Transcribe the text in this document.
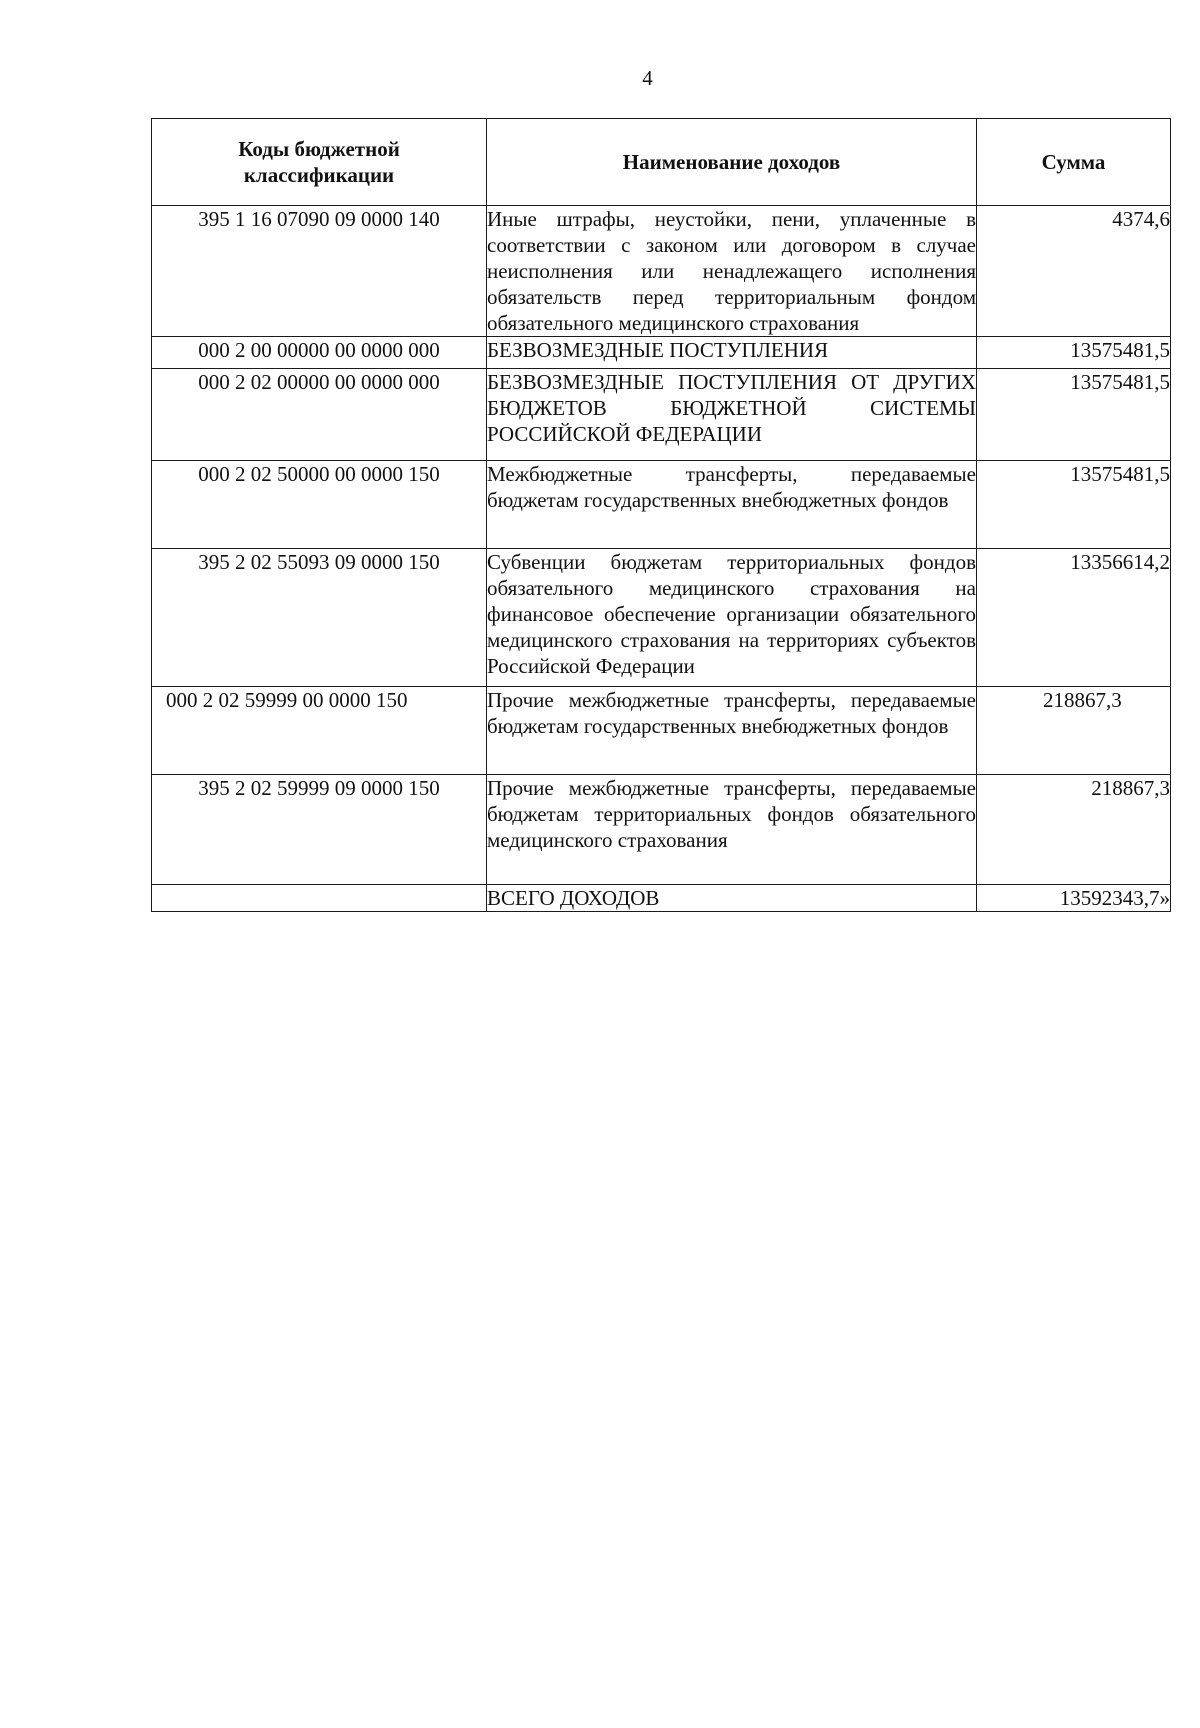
4
Коды бюджетной
классификации	Наименование доходов	Сумма
395 1 16 07090 09 0000 140	Иные штрафы, неустойки, пени, уплаченные в соответствии с законом или договором в случае неисполнения или ненадлежащего исполнения обязательств перед территориальным фондом обязательного медицинского страхования	4374,6
000 2 00 00000 00 0000 000	БЕЗВОЗМЕЗДНЫЕ ПОСТУПЛЕНИЯ	13575481,5
000 2 02 00000 00 0000 000	БЕЗВОЗМЕЗДНЫЕ ПОСТУПЛЕНИЯ ОТ ДРУГИХ БЮДЖЕТОВ БЮДЖЕТНОЙ СИСТЕМЫ РОССИЙСКОЙ ФЕДЕРАЦИИ	13575481,5
000 2 02 50000 00 0000 150	Межбюджетные трансферты, передаваемые бюджетам государственных внебюджетных фондов	13575481,5
395 2 02 55093 09 0000 150	Субвенции бюджетам территориальных фондов обязательного медицинского страхования на финансовое обеспечение организации обязательного медицинского страхования на территориях субъектов Российской Федерации	13356614,2
000 2 02 59999 00 0000 150	Прочие межбюджетные трансферты, передаваемые бюджетам государственных внебюджетных фондов	218867,3
395 2 02 59999 09 0000 150	Прочие межбюджетные трансферты, передаваемые бюджетам территориальных фондов обязательного медицинского страхования	218867,3
	ВСЕГО ДОХОДОВ	13592343,7»
